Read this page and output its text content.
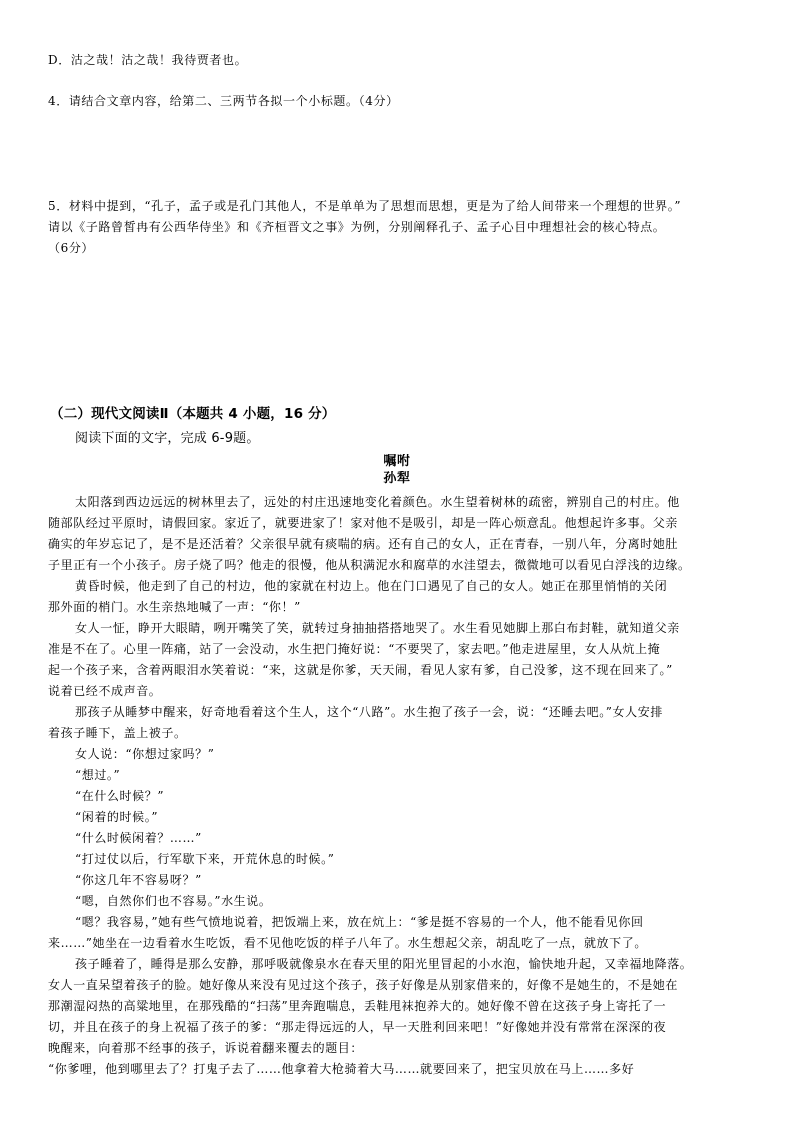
D．沽之哉！沽之哉！我待贾者也。
4．请结合文章内容，给第二、三两节各拟一个小标题。（4分）
5．材料中提到，“孔子，孟子或是孔门其他人，不是单单为了思想而思想，更是为了给人间带来一个理想的世界。”
请以《子路曾皙冉有公西华侍坐》和《齐桓晋文之事》为例，分别阐释孔子、孟子心目中理想社会的核心特点。
（6分）
（二）现代文阅读Ⅱ（本题共 4 小题，16 分）
阅读下面的文字，完成 6-9题。
嘱咐
孙犁
太阳落到西边远远的树林里去了，远处的村庄迅速地变化着颜色。水生望着树林的疏密，辨别自己的村庄。他
随部队经过平原时，请假回家。家近了，就要进家了！家对他不是吸引，却是一阵心烦意乱。他想起许多事。父亲
确实的年岁忘记了，是不是还活着？父亲很早就有痰喘的病。还有自己的女人，正在青春，一别八年，分离时她肚
子里正有一个小孩子。房子烧了吗？他走的很慢，他从积满泥水和腐草的水洼望去，微微地可以看见白浮浅的边缘。
黄昏时候，他走到了自己的村边，他的家就在村边上。他在门口遇见了自己的女人。她正在那里悄悄的关闭
那外面的梢门。水生亲热地喊了一声：“你！”
女人一怔，睁开大眼睛，咧开嘴笑了笑，就转过身抽抽搭搭地哭了。水生看见她脚上那白布封鞋，就知道父亲
准是不在了。心里一阵痛，站了一会没动，水生把门掩好说：“不要哭了，家去吧。”他走进屋里，女人从炕上掩
起一个孩子来，含着两眼泪水笑着说：“来，这就是你爹，天天闹，看见人家有爹，自己没爹，这不现在回来了。”
说着已经不成声音。
那孩子从睡梦中醒来，好奇地看着这个生人，这个“八路”。水生抱了孩子一会，说：“还睡去吧。”女人安排
着孩子睡下，盖上被子。
女人说：“你想过家吗？”
“想过。”
“在什么时候？”
“闲着的时候。”
“什么时候闲着？……”
“打过仗以后，行军歇下来，开荒休息的时候。”
“你这几年不容易呀？”
“嗯，自然你们也不容易。”水生说。
“嗯？我容易，”她有些气愤地说着，把饭端上来，放在炕上：“爹是挺不容易的一个人，他不能看见你回
来……”她坐在一边看着水生吃饭，看不见他吃饭的样子八年了。水生想起父亲，胡乱吃了一点，就放下了。
孩子睡着了，睡得是那么安静，那呼吸就像泉水在春天里的阳光里冒起的小水泡，愉快地升起，又幸福地降落。
女人一直呆望着孩子的脸。她好像从来没有见过这个孩子，孩子好像是从别家借来的，好像不是她生的，不是她在
那潮湿闷热的高粱地里，在那残酷的“扫荡”里奔跑喘息，丢鞋甩袜抱养大的。她好像不曾在这孩子身上寄托了一
切，并且在孩子的身上祝福了孩子的爹：“那走得远远的人，早一天胜利回来吧！”好像她并没有常常在深深的夜
晚醒来，向着那不经事的孩子，诉说着翻来覆去的题目：
“你爹哩，他到哪里去了？打鬼子去了……他拿着大枪骑着大马……就要回来了，把宝贝放在马上……多好
